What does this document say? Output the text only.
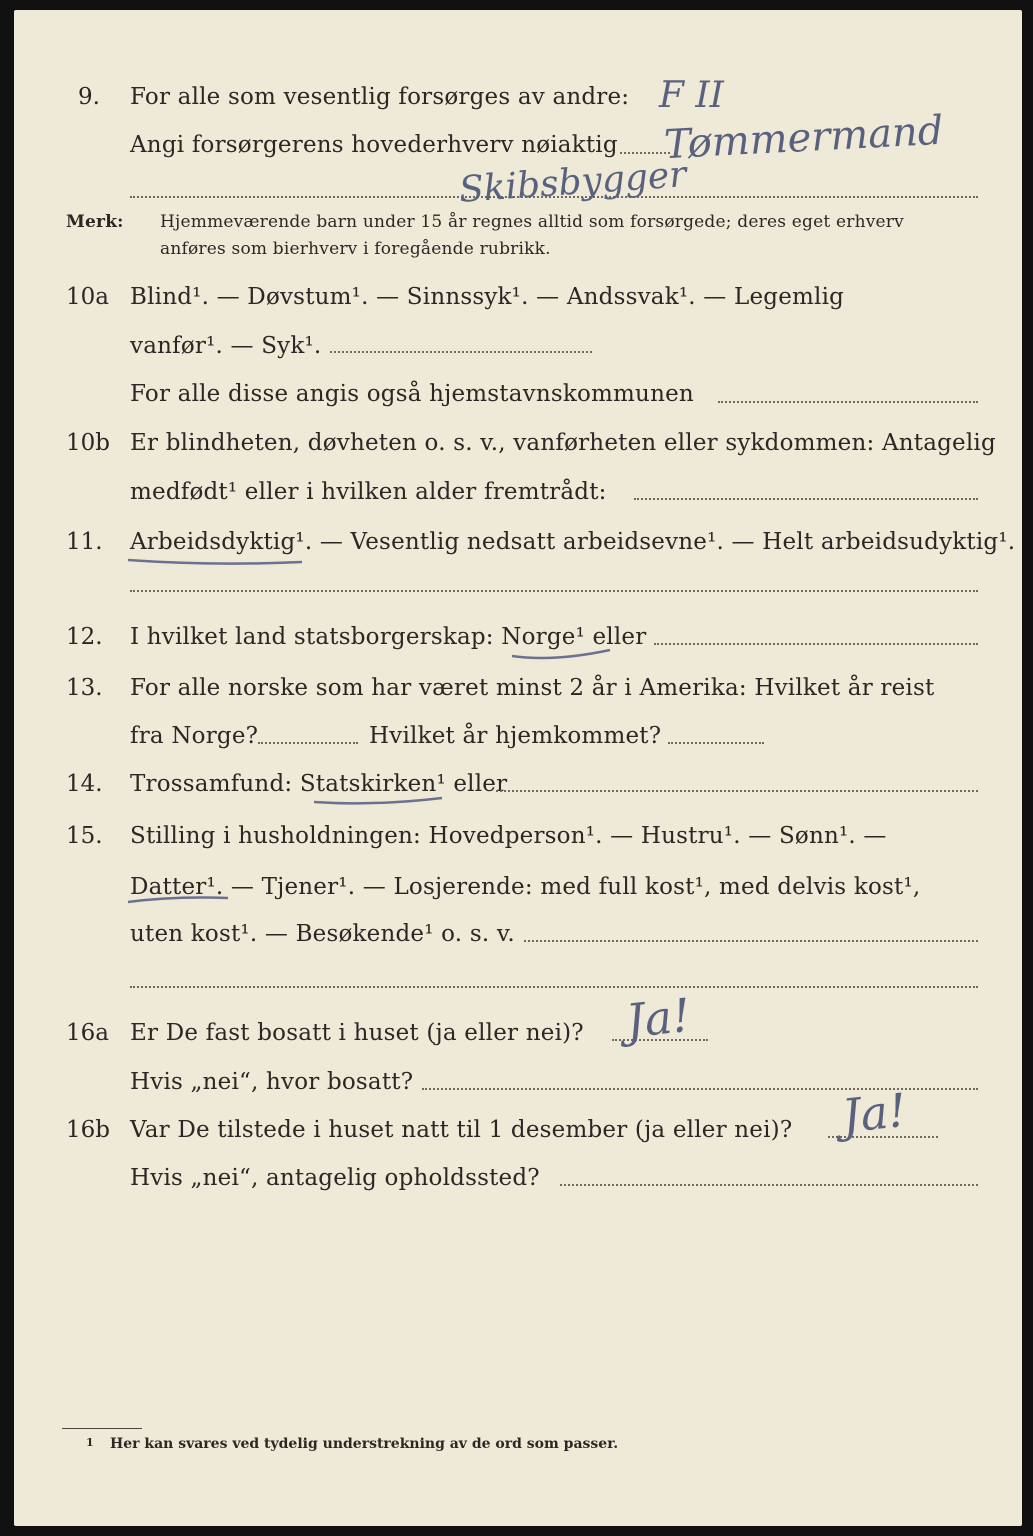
9. For alle som vesentlig forsørges av andre: F II
Angi forsørgerens hovederhverv nøiaktig Tømmermand
Skibsbygger
Merk: Hjemmeværende barn under 15 år regnes alltid som forsørgede; deres eget erhverv
anføres som bierhverv i foregående rubrikk.
10a Blind¹. — Døvstum¹. — Sinnssyk¹. — Andssvak¹. — Legemlig
vanfør¹. — Syk¹.
For alle disse angis også hjemstavnskommunen
10b Er blindheten, døvheten o. s. v., vanførheten eller sykdommen: Antagelig
medfødt¹ eller i hvilken alder fremtrådt:
11. Arbeidsdyktig¹. — Vesentlig nedsatt arbeidsevne¹. — Helt arbeidsudyktig¹.
12. I hvilket land statsborgerskap: Norge¹ eller
13. For alle norske som har været minst 2 år i Amerika: Hvilket år reist
fra Norge?	Hvilket år hjemkommet?
14. Trossamfund: Statskirken¹ eller
15. Stilling i husholdningen: Hovedperson¹. — Hustru¹. — Sønn¹. —
Datter¹. — Tjener¹. — Losjerende: med full kost¹, med delvis kost¹,
uten kost¹. — Besøkende¹ o. s. v.
16a Er De fast bosatt i huset (ja eller nei)? Ja!
Hvis „nei“, hvor bosatt?
16b Var De tilstede i huset natt til 1 desember (ja eller nei)? Ja!
Hvis „nei“, antagelig opholdssted?
1 Her kan svares ved tydelig understrekning av de ord som passer.
